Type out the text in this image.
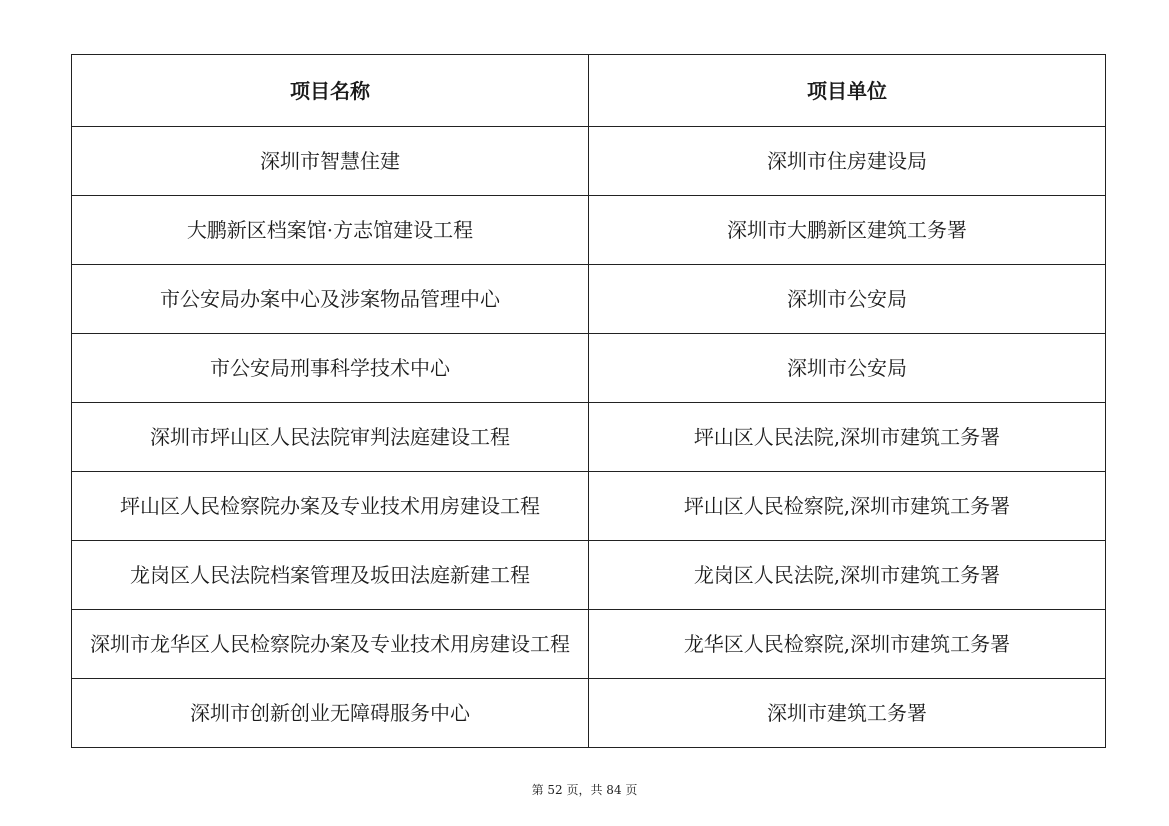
项目名称	项目单位
深圳市智慧住建	深圳市住房建设局
大鹏新区档案馆·方志馆建设工程	深圳市大鹏新区建筑工务署
市公安局办案中心及涉案物品管理中心	深圳市公安局
市公安局刑事科学技术中心	深圳市公安局
深圳市坪山区人民法院审判法庭建设工程	坪山区人民法院,深圳市建筑工务署
坪山区人民检察院办案及专业技术用房建设工程	坪山区人民检察院,深圳市建筑工务署
龙岗区人民法院档案管理及坂田法庭新建工程	龙岗区人民法院,深圳市建筑工务署
深圳市龙华区人民检察院办案及专业技术用房建设工程	龙华区人民检察院,深圳市建筑工务署
深圳市创新创业无障碍服务中心	深圳市建筑工务署
第 52 页，共 84 页
